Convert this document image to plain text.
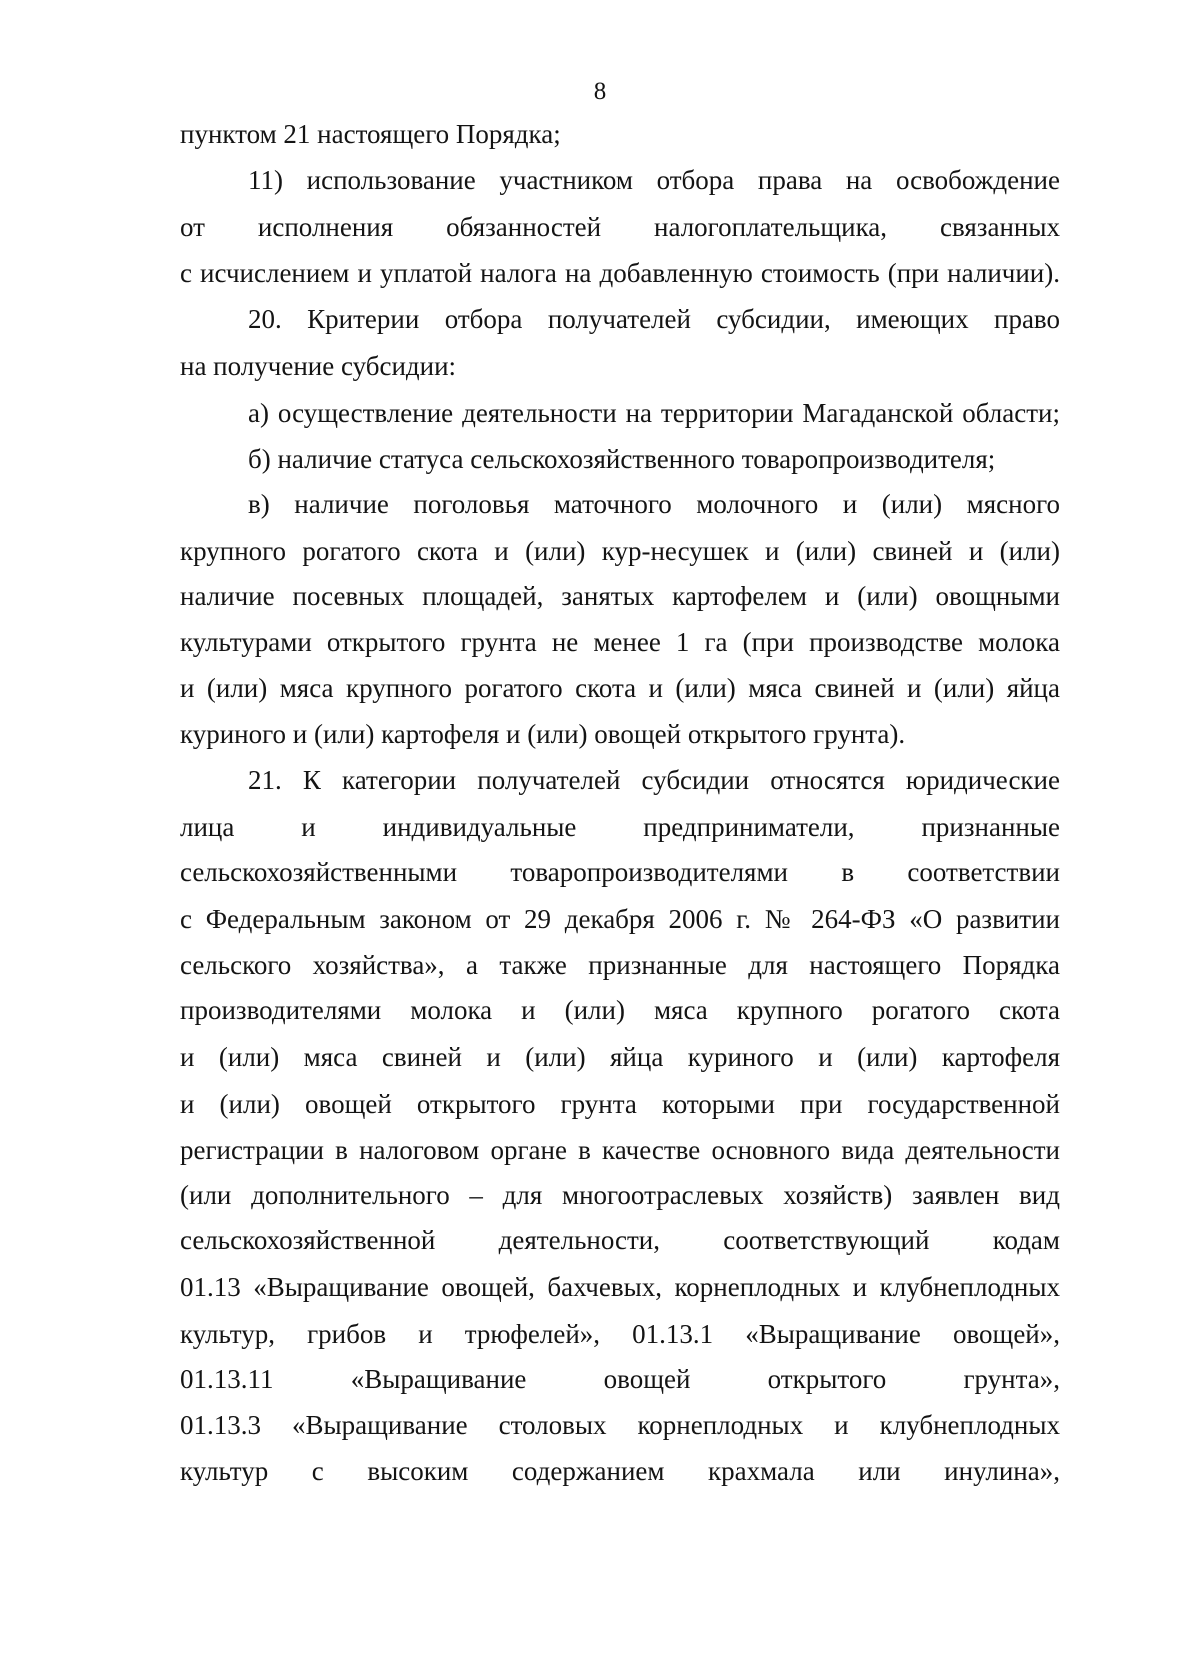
8
пунктом 21 настоящего Порядка;
11) использование участником отбора права на освобождение
от исполнения обязанностей налогоплательщика, связанных
с исчислением и уплатой налога на добавленную стоимость (при наличии).
20. Критерии отбора получателей субсидии, имеющих право
на получение субсидии:
а) осуществление деятельности на территории Магаданской области;
б) наличие статуса сельскохозяйственного товаропроизводителя;
в) наличие поголовья маточного молочного и (или) мясного
крупного рогатого скота и (или) кур-несушек и (или) свиней и (или)
наличие посевных площадей, занятых картофелем и (или) овощными
культурами открытого грунта не менее 1 га (при производстве молока
и (или) мяса крупного рогатого скота и (или) мяса свиней и (или) яйца
куриного и (или) картофеля и (или) овощей открытого грунта).
21. К категории получателей субсидии относятся юридические
лица и индивидуальные предприниматели, признанные
сельскохозяйственными товаропроизводителями в соответствии
с Федеральным законом от 29 декабря 2006 г. № 264-ФЗ «О развитии
сельского хозяйства», а также признанные для настоящего Порядка
производителями молока и (или) мяса крупного рогатого скота
и (или) мяса свиней и (или) яйца куриного и (или) картофеля
и (или) овощей открытого грунта которыми при государственной
регистрации в налоговом органе в качестве основного вида деятельности
(или дополнительного – для многоотраслевых хозяйств) заявлен вид
сельскохозяйственной деятельности, соответствующий кодам
01.13 «Выращивание овощей, бахчевых, корнеплодных и клубнеплодных
культур, грибов и трюфелей», 01.13.1 «Выращивание овощей»,
01.13.11 «Выращивание овощей открытого грунта»,
01.13.3 «Выращивание столовых корнеплодных и клубнеплодных
культур с высоким содержанием крахмала или инулина»,
